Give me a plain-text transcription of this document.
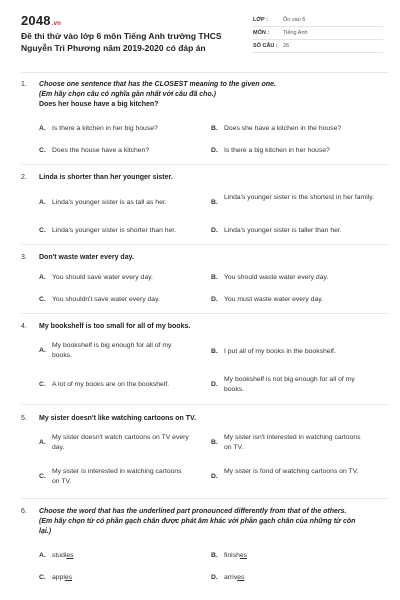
2048.vn
Đề thi thử vào lớp 6 môn Tiếng Anh trường THCS Nguyễn Tri Phương năm 2019-2020 có đáp án
LỚP :	Ôn vào 6
MÔN :	Tiếng Anh
SỐ CÂU : 26
1.	Choose one sentence that has the CLOSEST meaning to the given one.
(Em hãy chọn câu có nghĩa gần nhất với câu đã cho.)
Does her house have a big kitchen?
A. Is there a kitchen in her big house?	B. Does she have a kitchen in the house?
C. Does the house have a kitchen?	D. Is there a big kitchen in her house?
2.	Linda is shorter than her younger sister.
A. Linda's younger sister is as tall as her.	B.
Linda's younger sister is the shortest in her family.
C. Linda's younger sister is shorter than her.	D. Linda's younger sister is taller than her.
3.	Don't waste water every day.
A. You should save water every day.	B. You should waste water every day.
C. You shouldn't save water every day.	D. You must waste water every day.
4.	My bookshelf is too small for all of my books.
A.
My bookshelf is big enough for all of my books.
B. I put all of my books in the bookshelf.
C. A lot of my books are on the bookshelf.	D.
My bookshelf is not big enough for all of my books.
5.	My sister doesn't like watching cartoons on TV.
A.
My sister doesn't watch cartoons on TV every day.
B.
My sister isn't interested in watching cartoons on TV.
C.
My sister is interested in watching cartoons on TV.
D.
My sister is fond of watching cartoons on TV.
6.	Choose the word that has the underlined part pronounced differently from that of the others.
(Em hãy chọn từ có phần gạch chân được phát âm khác với phần gạch chân của những từ còn lại.)
A. studies	B. finishes
C. apples	D. arrives
